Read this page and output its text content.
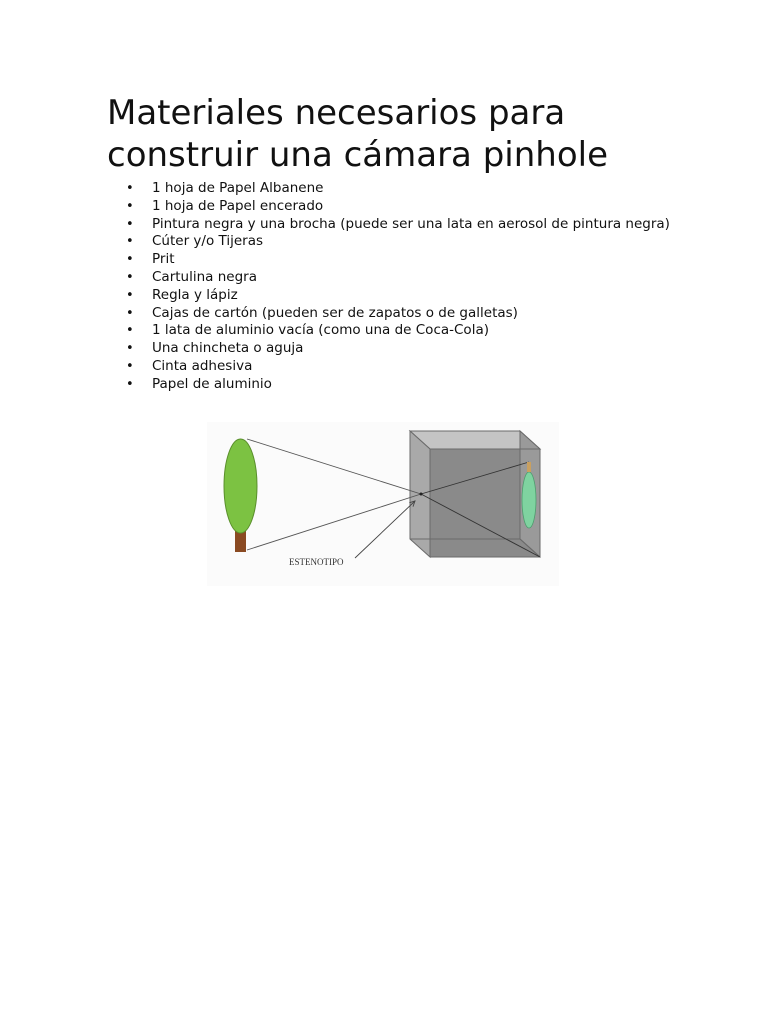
Materiales necesarios para construir una cámara pinhole
• 1 hoja de Papel Albanene
• 1 hoja de Papel encerado
• Pintura negra y una brocha (puede ser una lata en aerosol de pintura negra)
• Cúter y/o Tijeras
• Prit
• Cartulina negra
• Regla y lápiz
• Cajas de cartón (pueden ser de zapatos o de galletas)
• 1 lata de aluminio vacía (como una de Coca-Cola)
• Una chincheta o aguja
• Cinta adhesiva
• Papel de aluminio
ESTENOTIPO
